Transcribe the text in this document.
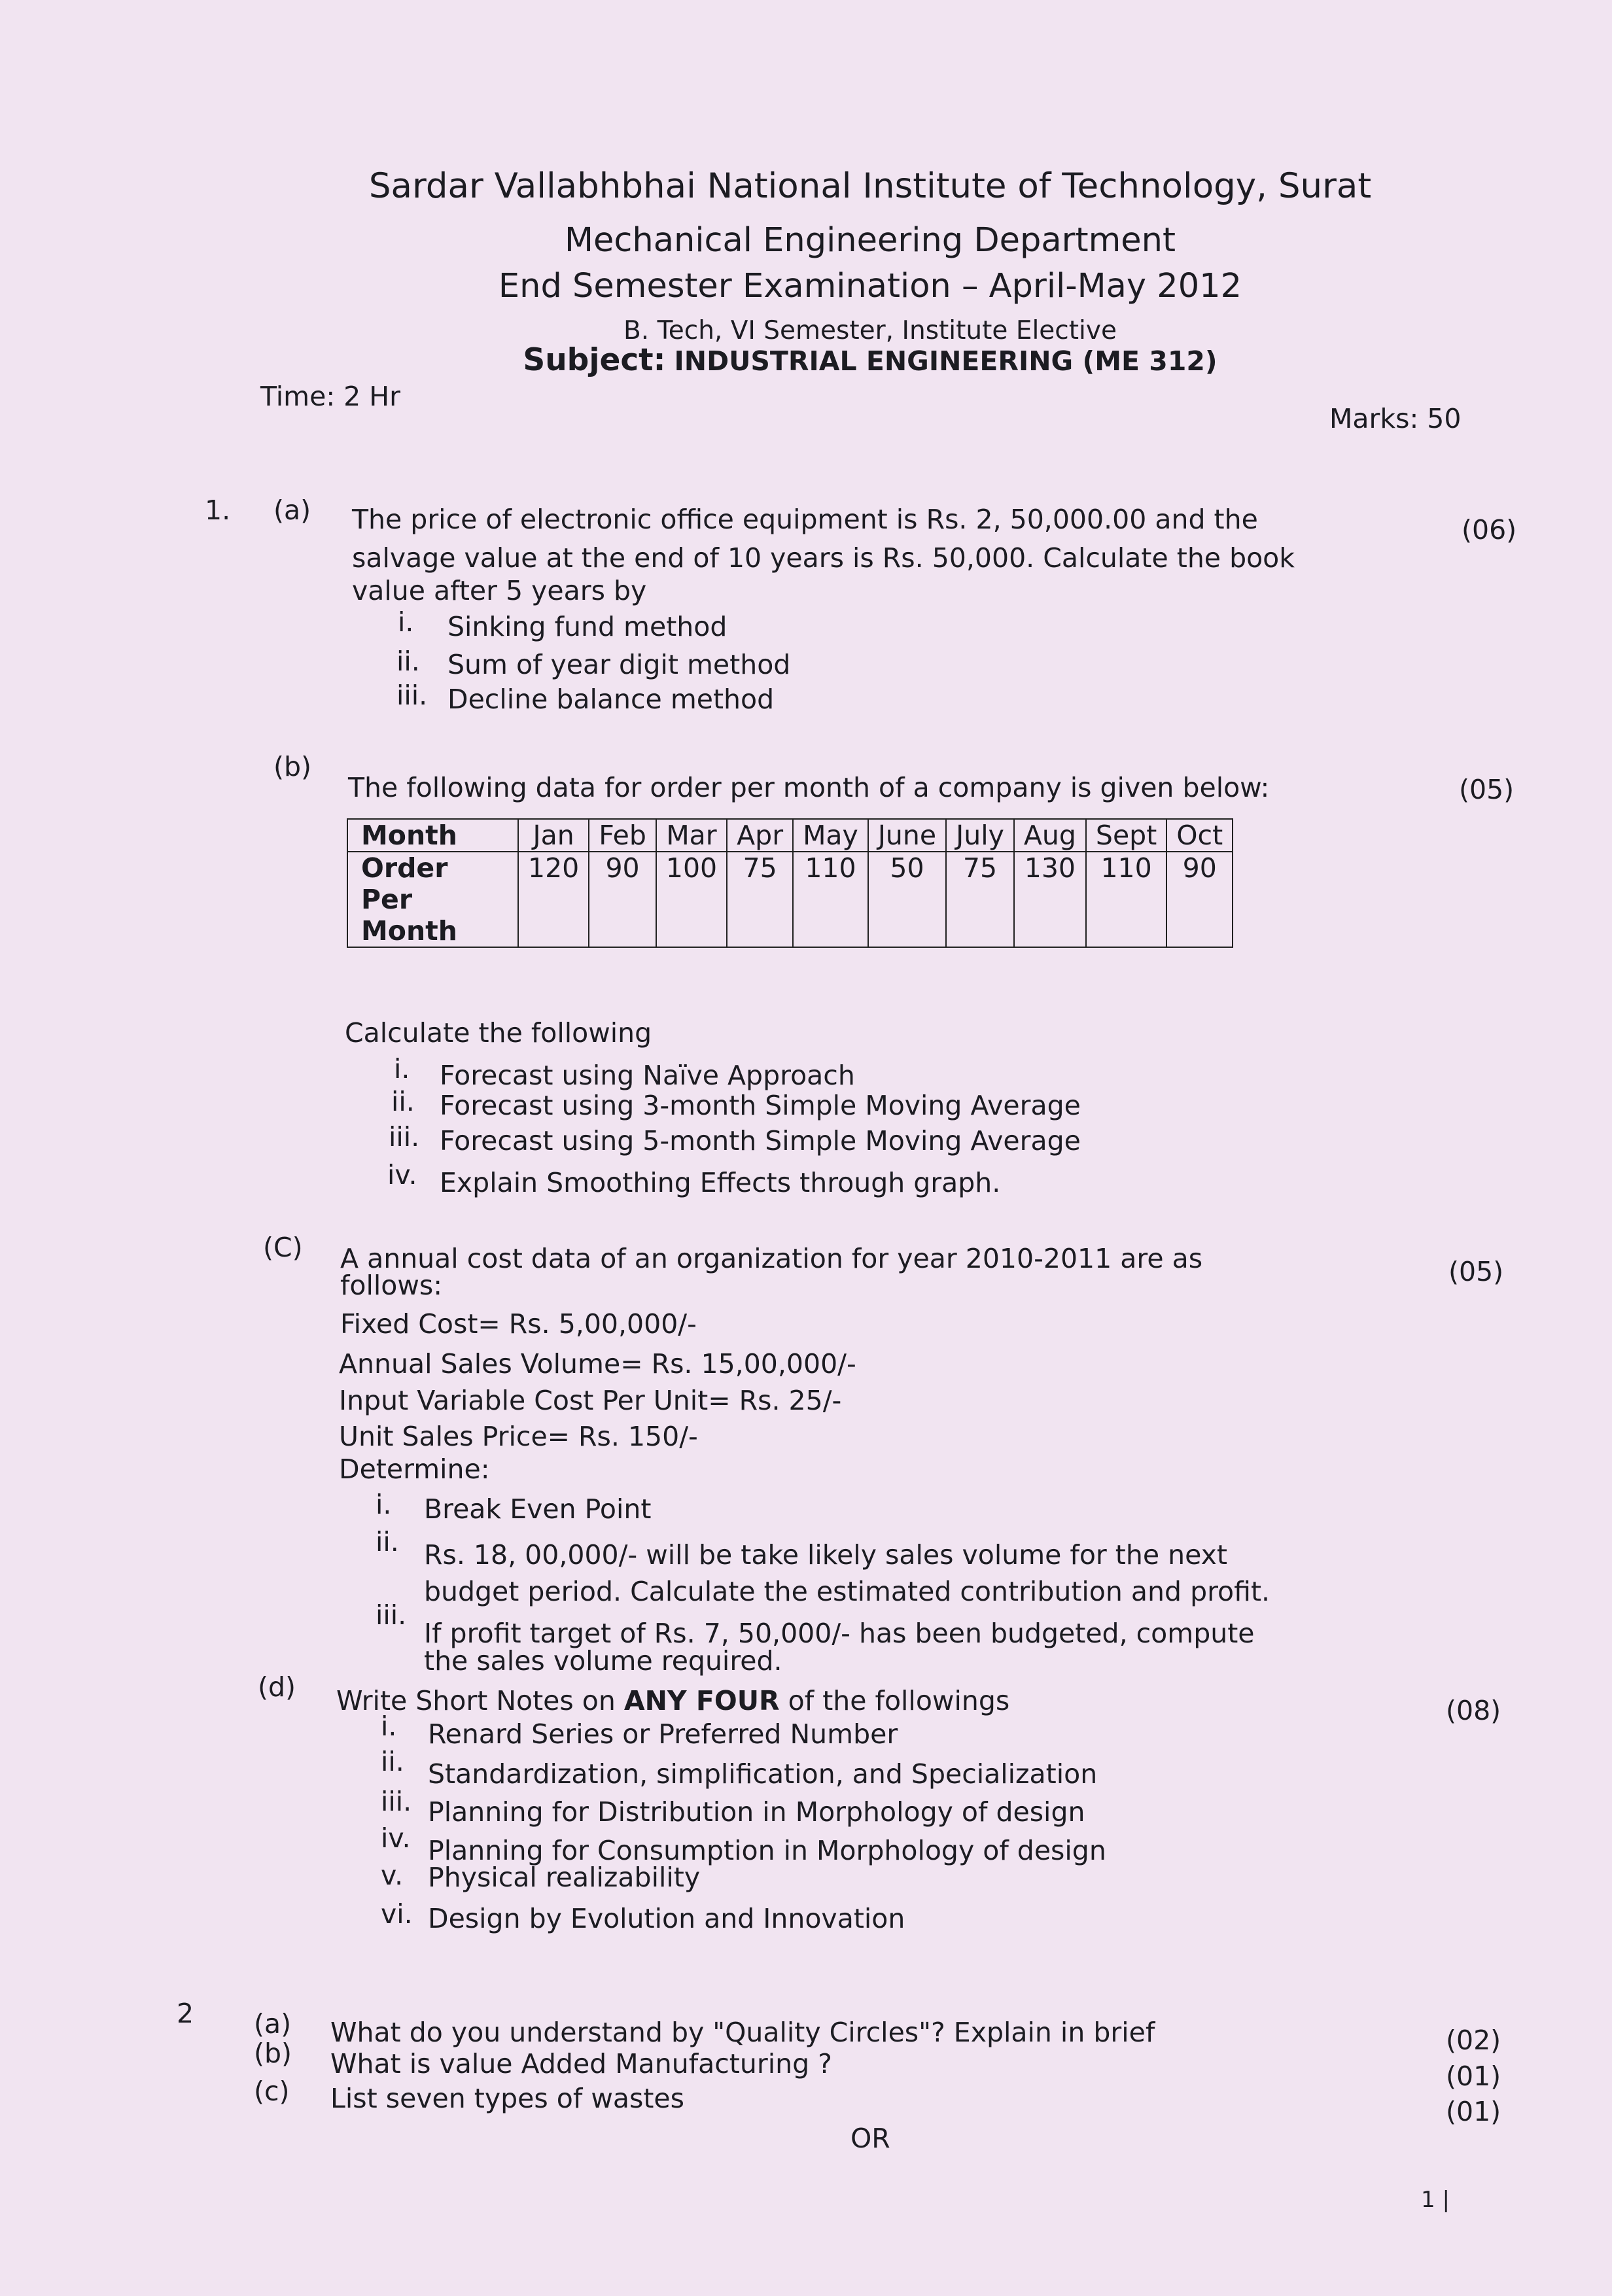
Sardar Vallabhbhai National Institute of Technology, Surat
Mechanical Engineering Department
End Semester Examination – April-May 2012
B. Tech, VI Semester, Institute Elective
Subject: INDUSTRIAL ENGINEERING (ME 312)
Time: 2 Hr
Marks: 50
1. (a) The price of electronic office equipment is Rs. 2, 50,000.00 and the
salvage value at the end of 10 years is Rs. 50,000. Calculate the book
value after 5 years by
(06)
i. Sinking fund method
ii. Sum of year digit method
iii. Decline balance method
(b)
The following data for order per month of a company is given below:	(05)
Month	Jan	Feb	Mar	Apr	May	June	July	Aug	Sept	Oct

Order
Per
Month	120	90	100	75	110	50	75	130	110	90
Calculate the following
i. Forecast using Naïve Approach
ii. Forecast using 3-month Simple Moving Average
iii. Forecast using 5-month Simple Moving Average
iv. Explain Smoothing Effects through graph.
(C) A annual cost data of an organization for year 2010-2011 are as
follows:	(05)
Fixed Cost= Rs. 5,00,000/-
Annual Sales Volume= Rs. 15,00,000/-
Input Variable Cost Per Unit= Rs. 25/-
Unit Sales Price= Rs. 150/-
Determine:
i. Break Even Point
ii. Rs. 18, 00,000/- will be take likely sales volume for the next
budget period. Calculate the estimated contribution and profit.
iii.
If profit target of Rs. 7, 50,000/- has been budgeted, compute
the sales volume required.
(d) Write Short Notes on ANY FOUR of the followings	(08)
i. Renard Series or Preferred Number
ii. Standardization, simplification, and Specialization
iii. Planning for Distribution in Morphology of design
iv. Planning for Consumption in Morphology of design
v. Physical realizability
vi. Design by Evolution and Innovation
2 (a) What do you understand by "Quality Circles"? Explain in brief	(02)
(b) What is value Added Manufacturing ?	(01)
(c) List seven types of wastes	(01)
OR
1 |
